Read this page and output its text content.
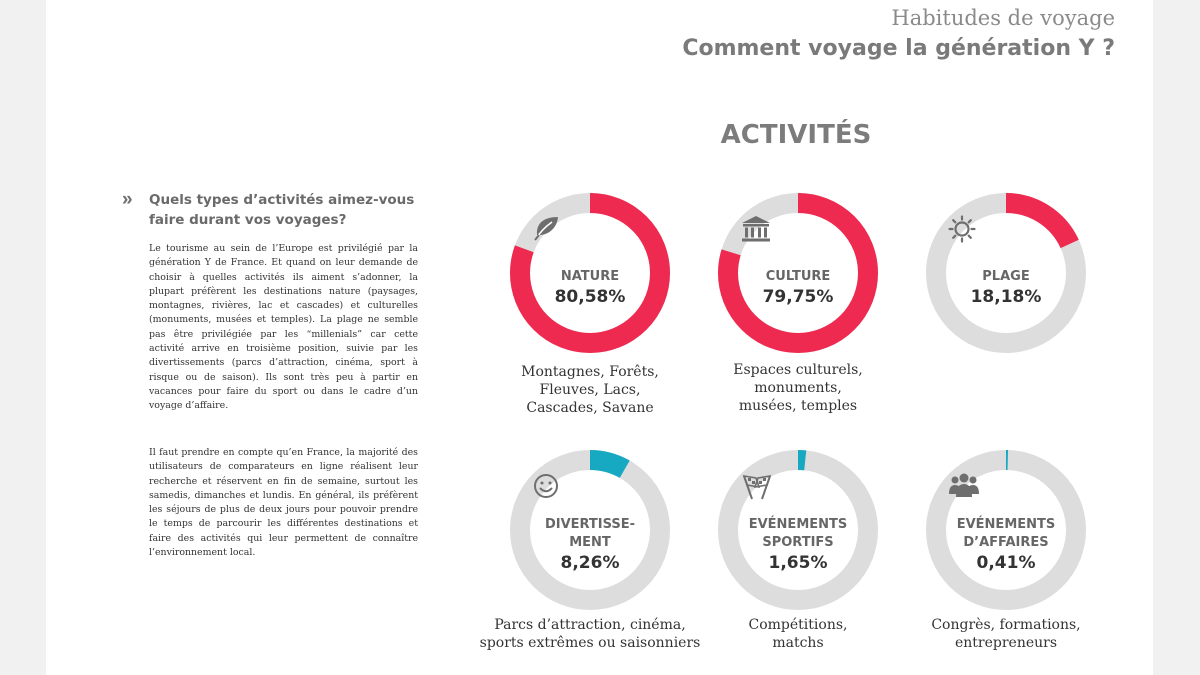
Habitudes de voyage
Comment voyage la génération Y ?
ACTIVITÉS
» Quels types d’activités aimez-vous faire durant vos voyages?
Le tourisme au sein de l’Europe est privilégié par la génération Y de France. Et quand on leur demande de choisir à quelles activités ils aiment s’adonner, la plupart préfèrent les destinations nature (paysages, montagnes, rivières, lac et cascades) et culturelles (monuments, musées et temples). La plage ne semble pas être privilégiée par les “millenials” car cette activité arrive en troisième position, suivie par les divertissements (parcs d’attraction, cinéma, sport à risque ou de saison). Ils sont très peu à partir en vacances pour faire du sport ou dans le cadre d’un voyage d’affaire.
Il faut prendre en compte qu’en France, la majorité des utilisateurs de comparateurs en ligne réalisent leur recherche et réservent en fin de semaine, surtout les samedis, dimanches et lundis. En général, ils préfèrent les séjours de plus de deux jours pour pouvoir prendre le temps de parcourir les différentes destinations et faire des activités qui leur permettent de connaître l’environnement local.
NATURE
80,58%
Montagnes, Forêts,
Fleuves, Lacs,
Cascades, Savane
CULTURE
79,75%
Espaces culturels,
monuments,
musées, temples
PLAGE
18,18%
DIVERTISSE-
MENT
8,26%
Parcs d’attraction, cinéma,
sports extrêmes ou saisonniers
EVÉNEMENTS
SPORTIFS
1,65%
Compétitions,
matchs
EVÉNEMENTS
D’AFFAIRES
0,41%
Congrès, formations,
entrepreneurs
